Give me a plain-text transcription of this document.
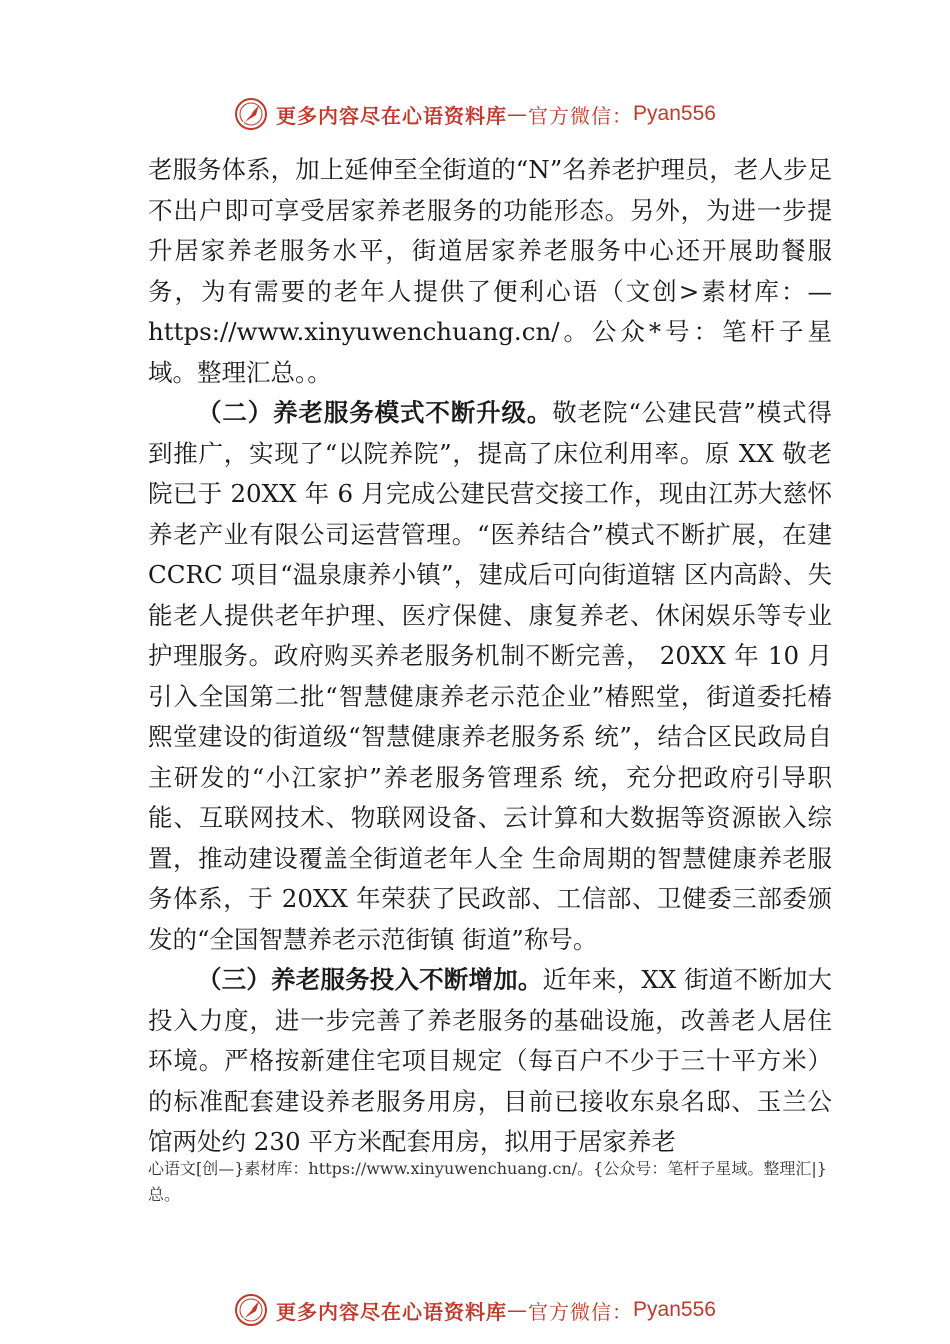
更多内容尽在心语资料库 — 官方微信： Pyan556

老服务体系，加上延伸至全街道的“N”名养老护理员，老人步足不出户即可享受居家养老服务的功能形态。另外，为进一步提升居家养老服务水平，街道居家养老服务中心还开展助餐服务，为有需要的老年人提供了便利心语（文创>素材库：—https://www.xinyuwenchuang.cn/。公众*号：笔杆子星域。整理汇总。。

（二）养老服务模式不断升级。敬老院“公建民营”模式得到推广，实现了“以院养院”，提高了床位利用率。原 XX 敬老院已于 20XX 年 6 月完成公建民营交接工作，现由江苏大慈怀养老产业有限公司运营管理。“医养结合”模式不断扩展，在建 CCRC 项目“温泉康养小镇”，建成后可向街道辖 区内高龄、失能老人提供老年护理、医疗保健、康复养老、休闲娱乐等专业护理服务。政府购买养老服务机制不断完善， 20XX 年 10 月引入全国第二批“智慧健康养老示范企业”椿熙堂，街道委托椿熙堂建设的街道级“智慧健康养老服务系 统”，结合区民政局自主研发的“小江家护”养老服务管理系 统，充分把政府引导职能、互联网技术、物联网设备、云计算和大数据等资源嵌入综置，推动建设覆盖全街道老年人全 生命周期的智慧健康养老服务体系，于 20XX 年荣获了民政部、工信部、卫健委三部委颁发的“全国智慧养老示范街镇 街道”称号。

（三）养老服务投入不断增加。近年来，XX 街道不断加大投入力度，进一步完善了养老服务的基础设施，改善老人居住环境。严格按新建住宅项目规定（每百户不少于三十平方米）的标准配套建设养老服务用房，目前已接收东泉名邸、玉兰公馆两处约 230 平方米配套用房，拟用于居家养老

心语文[创—}素材库：https://www.xinyuwenchuang.cn/。{公众号：笔杆子星域。整理汇|}总。
更多内容尽在心语资料库 — 官方微信： Pyan556
